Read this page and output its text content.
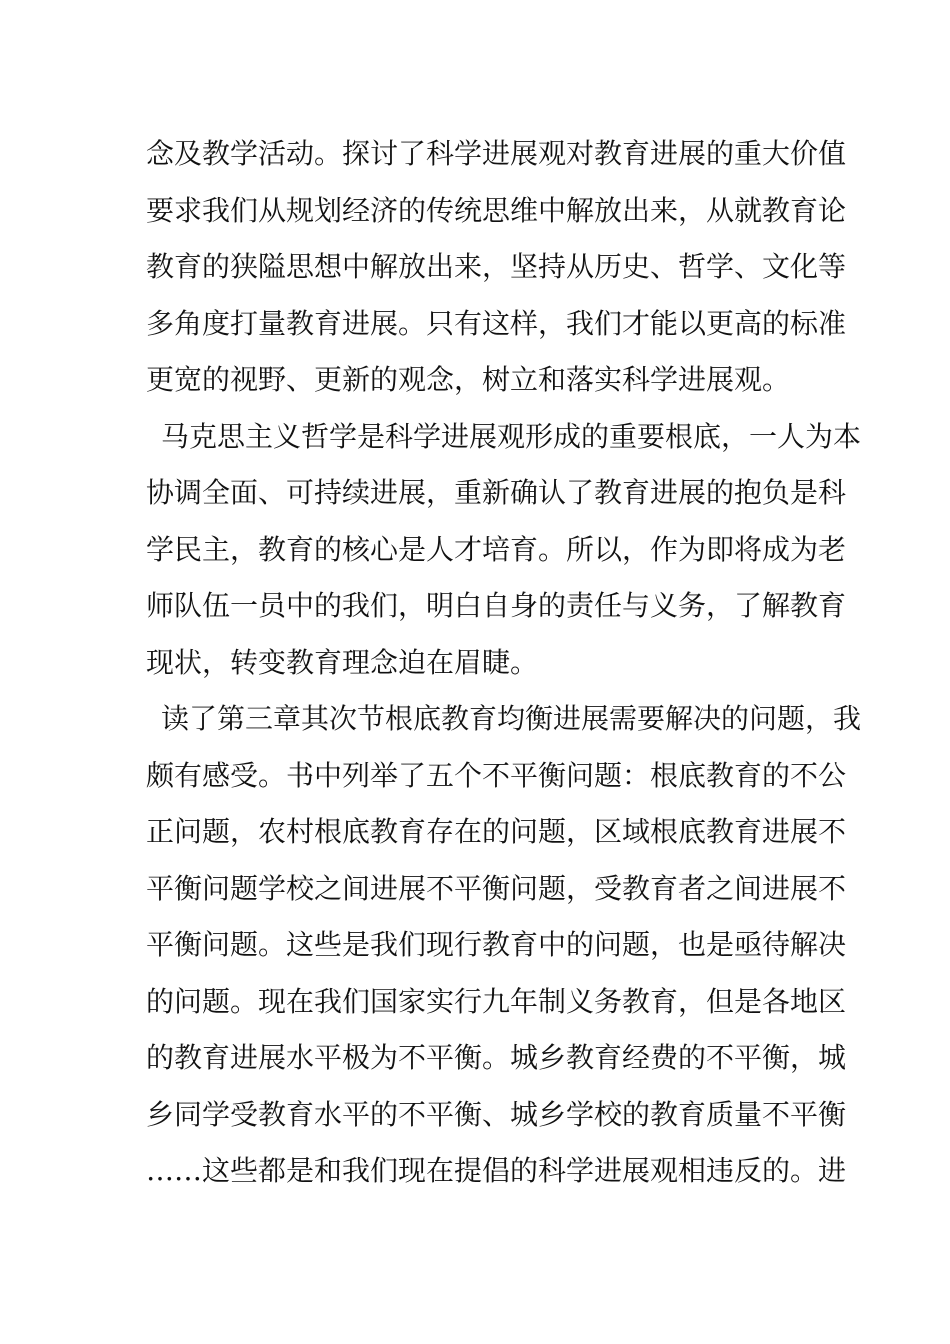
念及教学活动。探讨了科学进展观对教育进展的重大价值
要求我们从规划经济的传统思维中解放出来，从就教育论
教育的狭隘思想中解放出来，坚持从历史、哲学、文化等
多角度打量教育进展。只有这样，我们才能以更高的标准
更宽的视野、更新的观念，树立和落实科学进展观。
马克思主义哲学是科学进展观形成的重要根底，一人为本
协调全面、可持续进展，重新确认了教育进展的抱负是科
学民主，教育的核心是人才培育。所以，作为即将成为老
师队伍一员中的我们，明白自身的责任与义务，了解教育
现状，转变教育理念迫在眉睫。
读了第三章其次节根底教育均衡进展需要解决的问题，我
颇有感受。书中列举了五个不平衡问题：根底教育的不公
正问题，农村根底教育存在的问题，区域根底教育进展不
平衡问题学校之间进展不平衡问题，受教育者之间进展不
平衡问题。这些是我们现行教育中的问题，也是亟待解决
的问题。现在我们国家实行九年制义务教育，但是各地区
的教育进展水平极为不平衡。城乡教育经费的不平衡，城
乡同学受教育水平的不平衡、城乡学校的教育质量不平衡
……这些都是和我们现在提倡的科学进展观相违反的。进
